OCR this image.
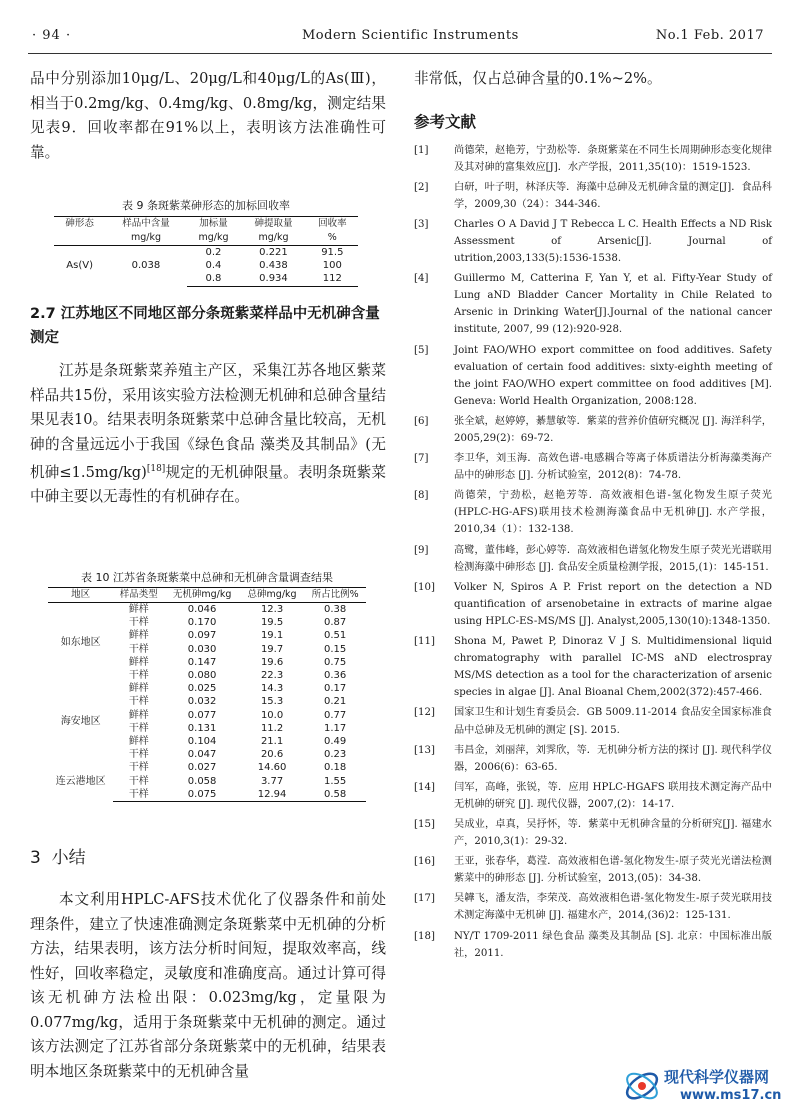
· 94 ·	Modern Scientific Instruments	No.1 Feb. 2017

品中分别添加10μg/L、20μg/L和40μg/L的As(Ⅲ)，相当于0.2mg/kg、0.4mg/kg、0.8mg/kg，测定结果见表9．回收率都在91%以上，表明该方法准确性可靠。

表 9 条斑紫菜砷形态的加标回收率
砷形态	样品中含量	加标量	砷提取量	回收率
	mg/kg	mg/kg	mg/kg	%
As(V)	0.038	0.2	0.221	91.5
		0.4	0.438	100
		0.8	0.934	112
2.7 江苏地区不同地区部分条斑紫菜样品中无机砷含量测定

江苏是条斑紫菜养殖主产区，采集江苏各地区紫菜样品共15份，采用该实验方法检测无机砷和总砷含量结果见表10。结果表明条斑紫菜中总砷含量比较高，无机砷的含量远远小于我国《绿色食品 藻类及其制品》(无机砷≤1.5mg/kg)[18]规定的无机砷限量。表明条斑紫菜中砷主要以无毒性的有机砷存在。

表 10 江苏省条斑紫菜中总砷和无机砷含量调查结果
地区	样品类型	无机砷mg/kg	总砷mg/kg	所占比例%
如东地区	鲜样	0.046	12.3	0.38
	干样	0.170	19.5	0.87
	鲜样	0.097	19.1	0.51
	干样	0.030	19.7	0.15
	鲜样	0.147	19.6	0.75
	干样	0.080	22.3	0.36
海安地区	鲜样	0.025	14.3	0.17
	干样	0.032	15.3	0.21
	鲜样	0.077	10.0	0.77
	干样	0.131	11.2	1.17
	鲜样	0.104	21.1	0.49
	干样	0.047	20.6	0.23
连云港地区	干样	0.027	14.60	0.18
	干样	0.058	3.77	1.55
	干样	0.075	12.94	0.58
3 小结

本文利用HPLC-AFS技术优化了仪器条件和前处理条件，建立了快速准确测定条斑紫菜中无机砷的分析方法，结果表明，该方法分析时间短，提取效率高，线性好，回收率稳定，灵敏度和准确度高。通过计算可得该无机砷方法检出限：0.023mg/kg，定量限为0.077mg/kg，适用于条斑紫菜中无机砷的测定。通过该方法测定了江苏省部分条斑紫菜中的无机砷，结果表明本地区条斑紫菜中的无机砷含量

非常低，仅占总砷含量的0.1%~2%。

参考文献
[1]	尚德荣，赵艳芳，宁劲松等．条斑紫菜在不同生长周期砷形态变化规律及其对砷的富集效应[J]．水产学报，2011,35(10)：1519-1523.
[2]	白研，叶子明，林泽庆等．海藻中总砷及无机砷含量的测定[J]．食品科学，2009,30（24）：344-346.
[3]	Charles O A David J T Rebecca L C. Health Effects a ND Risk Assessment of Arsenic[J]. Journal of utrition,2003,133(5):1536-1538.
[4]	Guillermo M, Catterina F, Yan Y, et al. Fifty-Year Study of Lung aND Bladder Cancer Mortality in Chile Related to Arsenic in Drinking Water[J].Journal of the national cancer institute, 2007, 99 (12):920-928.
[5]	Joint FAO/WHO export committee on food additives. Safety evaluation of certain food additives: sixty-eighth meeting of the joint FAO/WHO expert committee on food additives [M]. Geneva: World Health Organization, 2008:128.
[6]	张全斌，赵婷婷，綦慧敏等．紫菜的营养价值研究概况 [J]. 海洋科学，2005,29(2)：69-72.
[7]	李卫华，刘玉海．高效色谱-电感耦合等离子体质谱法分析海藻类海产品中的砷形态 [J]. 分析试验室，2012(8)：74-78.
[8]	尚德荣，宁劲松，赵艳芳等．高效液相色谱-氢化物发生原子荧光(HPLC-HG-AFS)联用技术检测海藻食品中无机砷[J]. 水产学报，2010,34（1）：132-138.
[9]	高鹭，董伟峰，彭心婷等．高效液相色谱氢化物发生原子荧光光谱联用检测海藻中砷形态 [J]. 食品安全质量检测学报，2015,(1)：145-151.
[10]	Volker N, Spiros A P. Frist report on the detection a ND quantification of arsenobetaine in extracts of marine algae using HPLC-ES-MS/MS [J]. Analyst,2005,130(10):1348-1350.
[11]	Shona M, Pawet P, Dinoraz V J S. Multidimensional liquid chromatography with parallel IC-MS aND electrospray MS/MS detection as a tool for the characterization of arsenic species in algae [J]. Anal Bioanal Chem,2002(372):457-466.
[12]	国家卫生和计划生育委员会．GB 5009.11-2014 食品安全国家标准食品中总砷及无机砷的测定 [S]. 2015.
[13]	韦昌金，刘丽萍，刘霁欣，等．无机砷分析方法的探讨 [J]. 现代科学仪器，2006(6)：63-65.
[14]	闫军，高峰，张锐，等．应用 HPLC-HGAFS 联用技术测定海产品中无机砷的研究 [J]. 现代仪器，2007,(2)：14-17.
[15]	吴成业，卓真，吴抒怀，等．紫菜中无机砷含量的分析研究[J]. 福建水产，2010,3(1)：29-32.
[16]	王亚，张春华，葛滢．高效液相色谱-氢化物发生-原子荧光光谱法检测紫菜中的砷形态 [J]. 分析试验室，2013,(05)：34-38.
[17]	吴韡飞，潘友浩，李荣茂．高效液相色谱-氢化物发生-原子荧光联用技术测定海藻中无机砷 [J]. 福建水产，2014,(36)2：125-131.
[18]	NY/T 1709-2011 绿色食品 藻类及其制品 [S]. 北京：中国标准出版社，2011.
现代科学仪器网
www.ms17.cn
